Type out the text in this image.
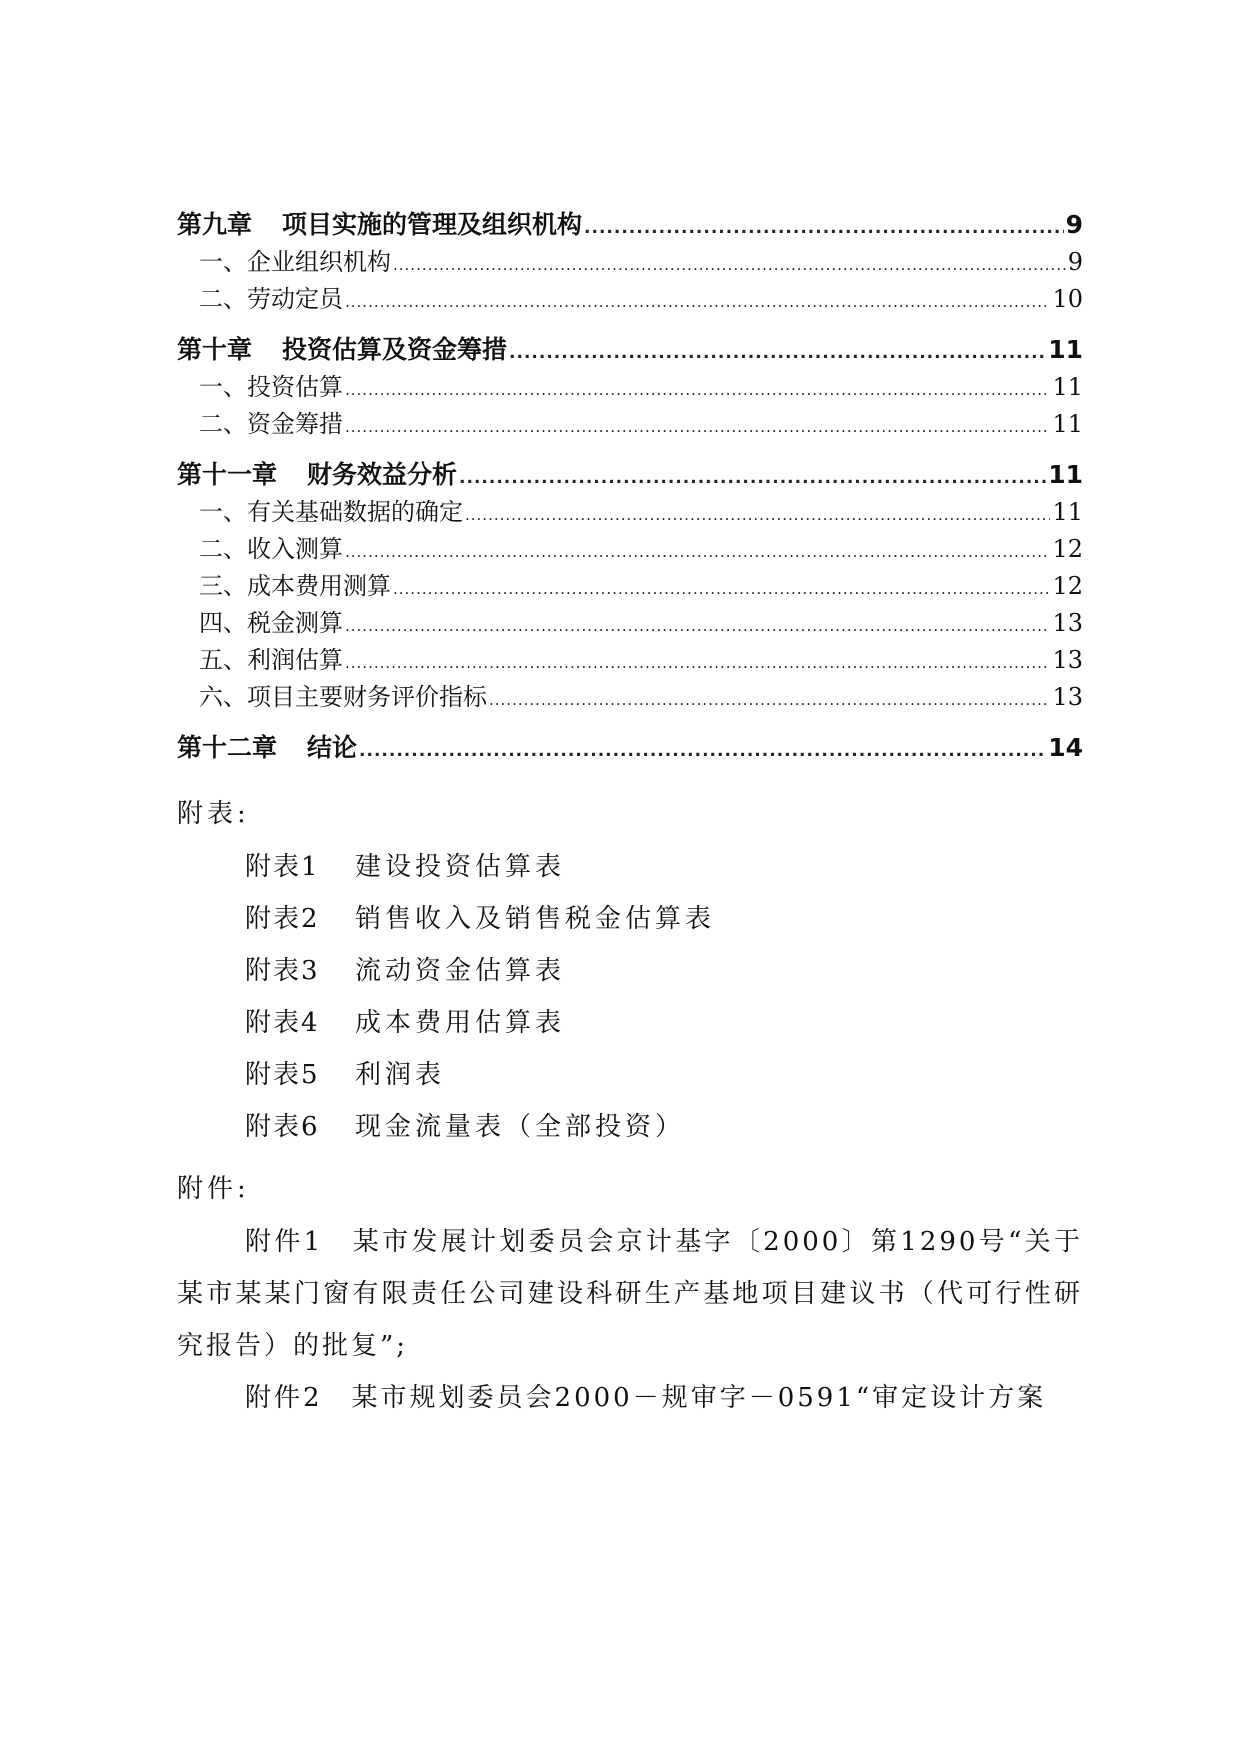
第九章 项目实施的管理及组织机构 .....	9
一、企业组织机构 .....	9
二、劳动定员 .....	10
第十章 投资估算及资金筹措 .....	11
一、投资估算 .....	11
二、资金筹措 .....	11
第十一章 财务效益分析 .....	11
一、有关基础数据的确定 .....	11
二、收入测算 .....	12
三、成本费用测算 .....	12
四、税金测算 .....	13
五、利润估算 .....	13
六、项目主要财务评价指标 .....	13
第十二章 结论 .....	14
附表:
附表1 建设投资估算表
附表2 销售收入及销售税金估算表
附表3 流动资金估算表
附表4 成本费用估算表
附表5 利润表
附表6 现金流量表（全部投资）
附件:
附件1　某市发展计划委员会京计基字〔2000〕第1290号“关于某市某某门窗有限责任公司建设科研生产基地项目建议书（代可行性研究报告）的批复”;
附件2　某市规划委员会2000－规审字－0591“审定设计方案
